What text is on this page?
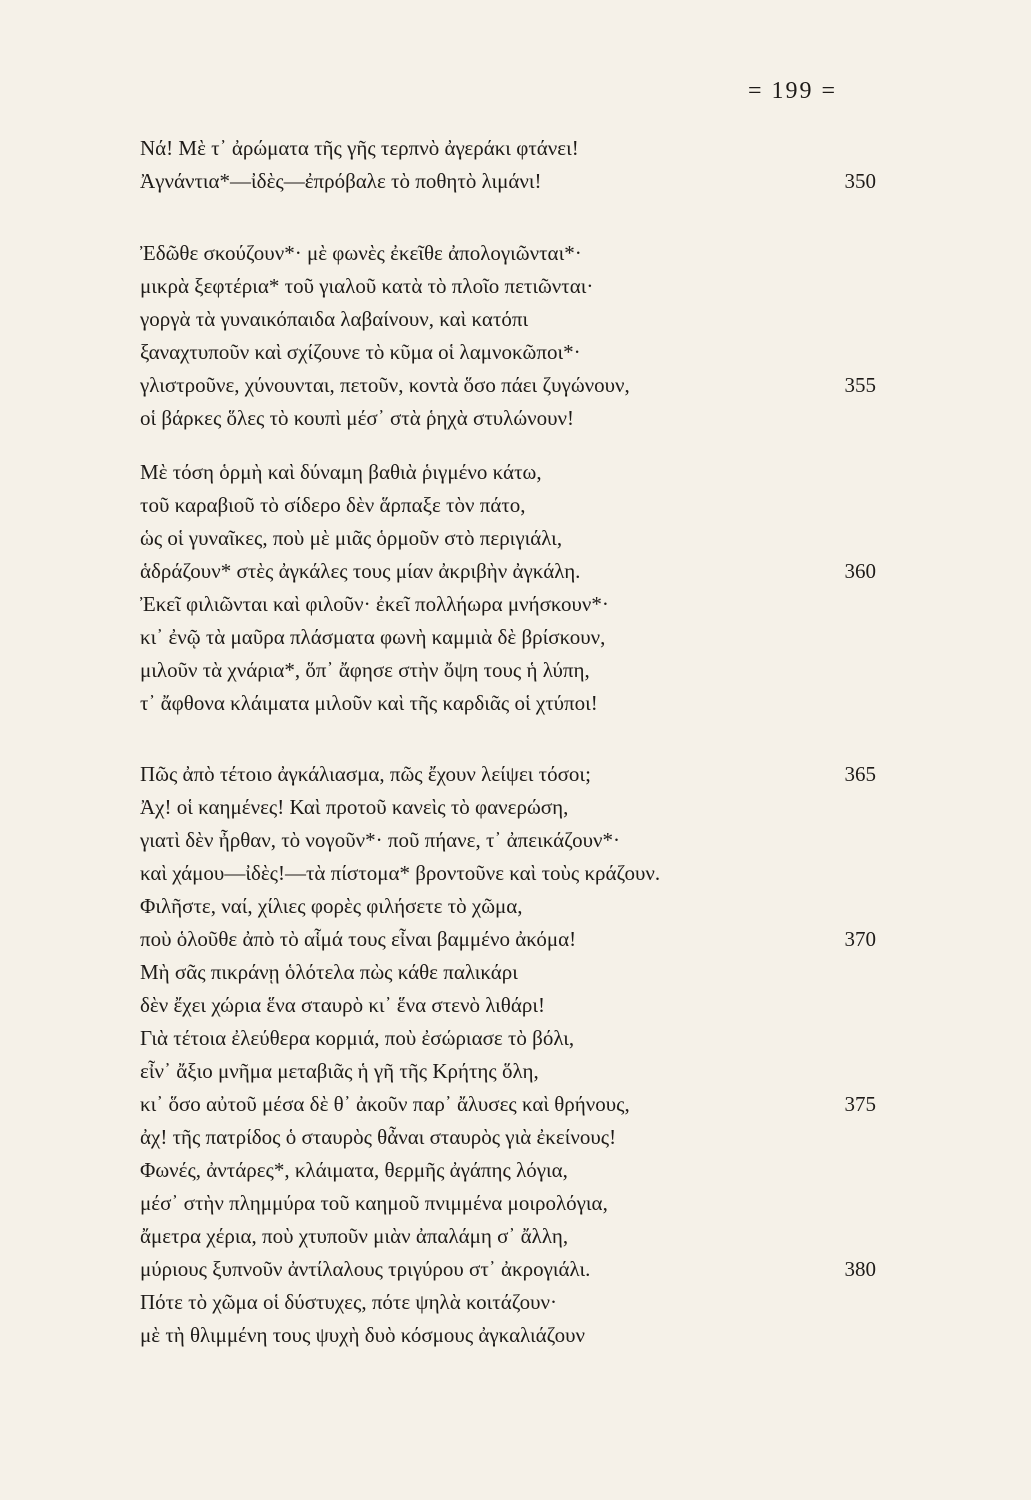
= 199 =
Νά! Μὲ τ᾽ ἀρώματα τῆς γῆς τερπνὸ ἀγεράκι φτάνει!
Ἀγνάντια*—ἰδὲς—ἐπρόβαλε τὸ ποθητὸ λιμάνι!	350
Ἐδῶθε σκούζουν*· μὲ φωνὲς ἐκεῖθε ἀπολογιῶνται*·
μικρὰ ξεφτέρια* τοῦ γιαλοῦ κατὰ τὸ πλοῖο πετιῶνται·
γοργὰ τὰ γυναικόπαιδα λαβαίνουν, καὶ κατόπι
ξαναχτυποῦν καὶ σχίζουνε τὸ κῦμα οἱ λαμνοκῶποι*·
γλιστροῦνε, χύνουνται, πετοῦν, κοντὰ ὅσο πάει ζυγώνουν,	355
οἱ βάρκες ὅλες τὸ κουπὶ μέσ᾽ στὰ ῥηχὰ στυλώνουν!
Μὲ τόση ὁρμὴ καὶ δύναμη βαθιὰ ῥιγμένο κάτω,
τοῦ καραβιοῦ τὸ σίδερο δὲν ἅρπαξε τὸν πάτο,
ὡς οἱ γυναῖκες, ποὺ μὲ μιᾶς ὁρμοῦν στὸ περιγιάλι,
ἁδράζουν* στὲς ἀγκάλες τους μίαν ἀκριβὴν ἀγκάλη.	360
Ἐκεῖ φιλιῶνται καὶ φιλοῦν· ἐκεῖ πολλήωρα μνήσκουν*·
κι᾽ ἐνῷ τὰ μαῦρα πλάσματα φωνὴ καμμιὰ δὲ βρίσκουν,
μιλοῦν τὰ χνάρια*, ὅπ᾽ ἄφησε στὴν ὄψη τους ἡ λύπη,
τ᾽ ἄφθονα κλάιματα μιλοῦν καὶ τῆς καρδιᾶς οἱ χτύποι!
Πῶς ἀπὸ τέτοιο ἀγκάλιασμα, πῶς ἔχουν λείψει τόσοι;	365
Ἀχ! οἱ καημένες! Καὶ προτοῦ κανεὶς τὸ φανερώση,
γιατὶ δὲν ἦρθαν, τὸ νογοῦν*· ποῦ πήανε, τ᾽ ἀπεικάζουν*·
καὶ χάμου—ἰδὲς!—τὰ πίστομα* βροντοῦνε καὶ τοὺς κράζουν.
Φιλῆστε, ναί, χίλιες φορὲς φιλήσετε τὸ χῶμα,
ποὺ ὁλοῦθε ἀπὸ τὸ αἷμά τους εἶναι βαμμένο ἀκόμα!	370
Μὴ σᾶς πικράνῃ ὁλότελα πὼς κάθε παλικάρι
δὲν ἔχει χώρια ἕνα σταυρὸ κι᾽ ἕνα στενὸ λιθάρι!
Γιὰ τέτοια ἐλεύθερα κορμιά, ποὺ ἐσώριασε τὸ βόλι,
εἶν᾽ ἄξιο μνῆμα μεταβιᾶς ἡ γῆ τῆς Κρήτης ὅλη,
κι᾽ ὅσο αὐτοῦ μέσα δὲ θ᾽ ἀκοῦν παρ᾽ ἄλυσες καὶ θρήνους,	375
ἀχ! τῆς πατρίδος ὁ σταυρὸς θἆναι σταυρὸς γιὰ ἐκείνους!
Φωνές, ἀντάρες*, κλάιματα, θερμῆς ἀγάπης λόγια,
μέσ᾽ στὴν πλημμύρα τοῦ καημοῦ πνιμμένα μοιρολόγια,
ἄμετρα χέρια, ποὺ χτυποῦν μιὰν ἀπαλάμη σ᾽ ἄλλη,
μύριους ξυπνοῦν ἀντίλαλους τριγύρου στ᾽ ἀκρογιάλι.	380
Πότε τὸ χῶμα οἱ δύστυχες, πότε ψηλὰ κοιτάζουν·
μὲ τὴ θλιμμένη τους ψυχὴ δυὸ κόσμους ἀγκαλιάζουν
